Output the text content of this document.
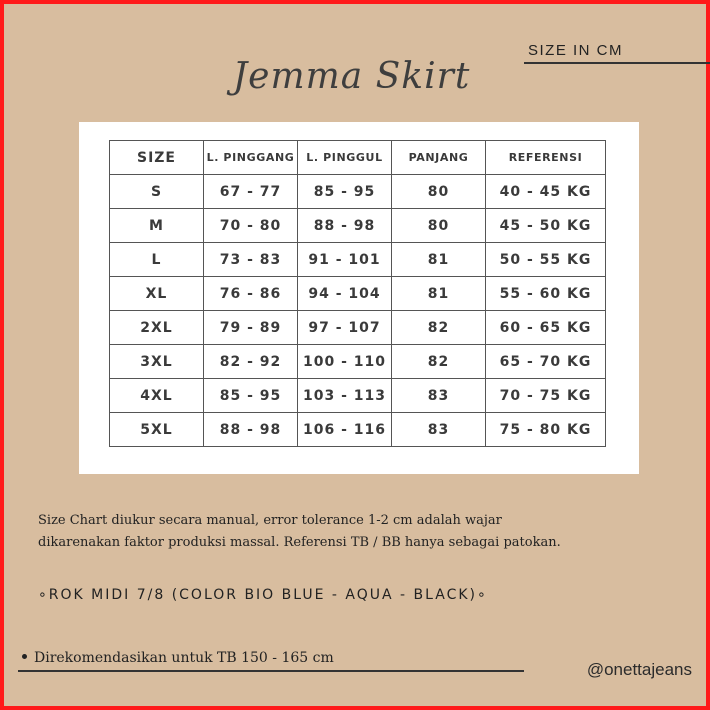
SIZE IN CM
Jemma Skirt
SIZE	L. PINGGANG	L. PINGGUL	PANJANG	REFERENSI
S	67 - 77	85 - 95	80	40 - 45 KG
M	70 - 80	88 - 98	80	45 - 50 KG
L	73 - 83	91 - 101	81	50 - 55 KG
XL	76 - 86	94 - 104	81	55 - 60 KG
2XL	79 - 89	97 - 107	82	60 - 65 KG
3XL	82 - 92	100 - 110	82	65 - 70 KG
4XL	85 - 95	103 - 113	83	70 - 75 KG
5XL	88 - 98	106 - 116	83	75 - 80 KG
Size Chart diukur secara manual, error tolerance 1-2 cm adalah wajar
dikarenakan faktor produksi massal. Referensi TB / BB hanya sebagai patokan.
∘ROK MIDI 7/8 (COLOR BIO BLUE - AQUA - BLACK)∘
Direkomendasikan untuk TB 150 - 165 cm
@onettajeans
